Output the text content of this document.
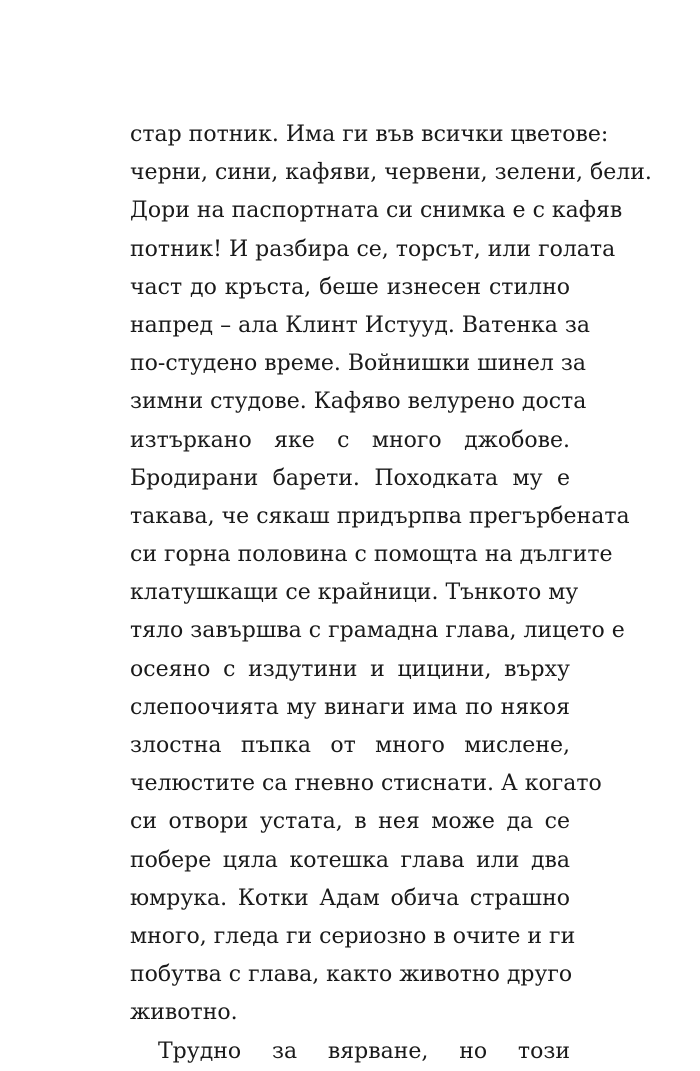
стар потник. Има ги във всички цветове:
черни, сини, кафяви, червени, зелени, бели.
Дори на паспортната си снимка е с кафяв
потник! И разбира се, торсът, или голата
част до кръста, беше изнесен стилно
напред – ала Клинт Истууд. Ватенка за
по-студено време. Войнишки шинел за
зимни студове. Кафяво велурено доста
изтъркано яке с много джобове.
Бродирани барети. Походката му е
такава, че сякаш придърпва прегърбената
си горна половина с помощта на дългите
клатушкащи се крайници. Тънкото му
тяло завършва с грамадна глава, лицето е
осеяно с издутини и цицини, върху
слепоочията му винаги има по някоя
злостна пъпка от много мислене,
челюстите са гневно стиснати. А когато
си отвори устата, в нея може да се
побере цяла котешка глава или два
юмрука. Котки Адам обича страшно
много, гледа ги сериозно в очите и ги
побутва с глава, както животно друго
животно.
Трудно за вярване, но този
